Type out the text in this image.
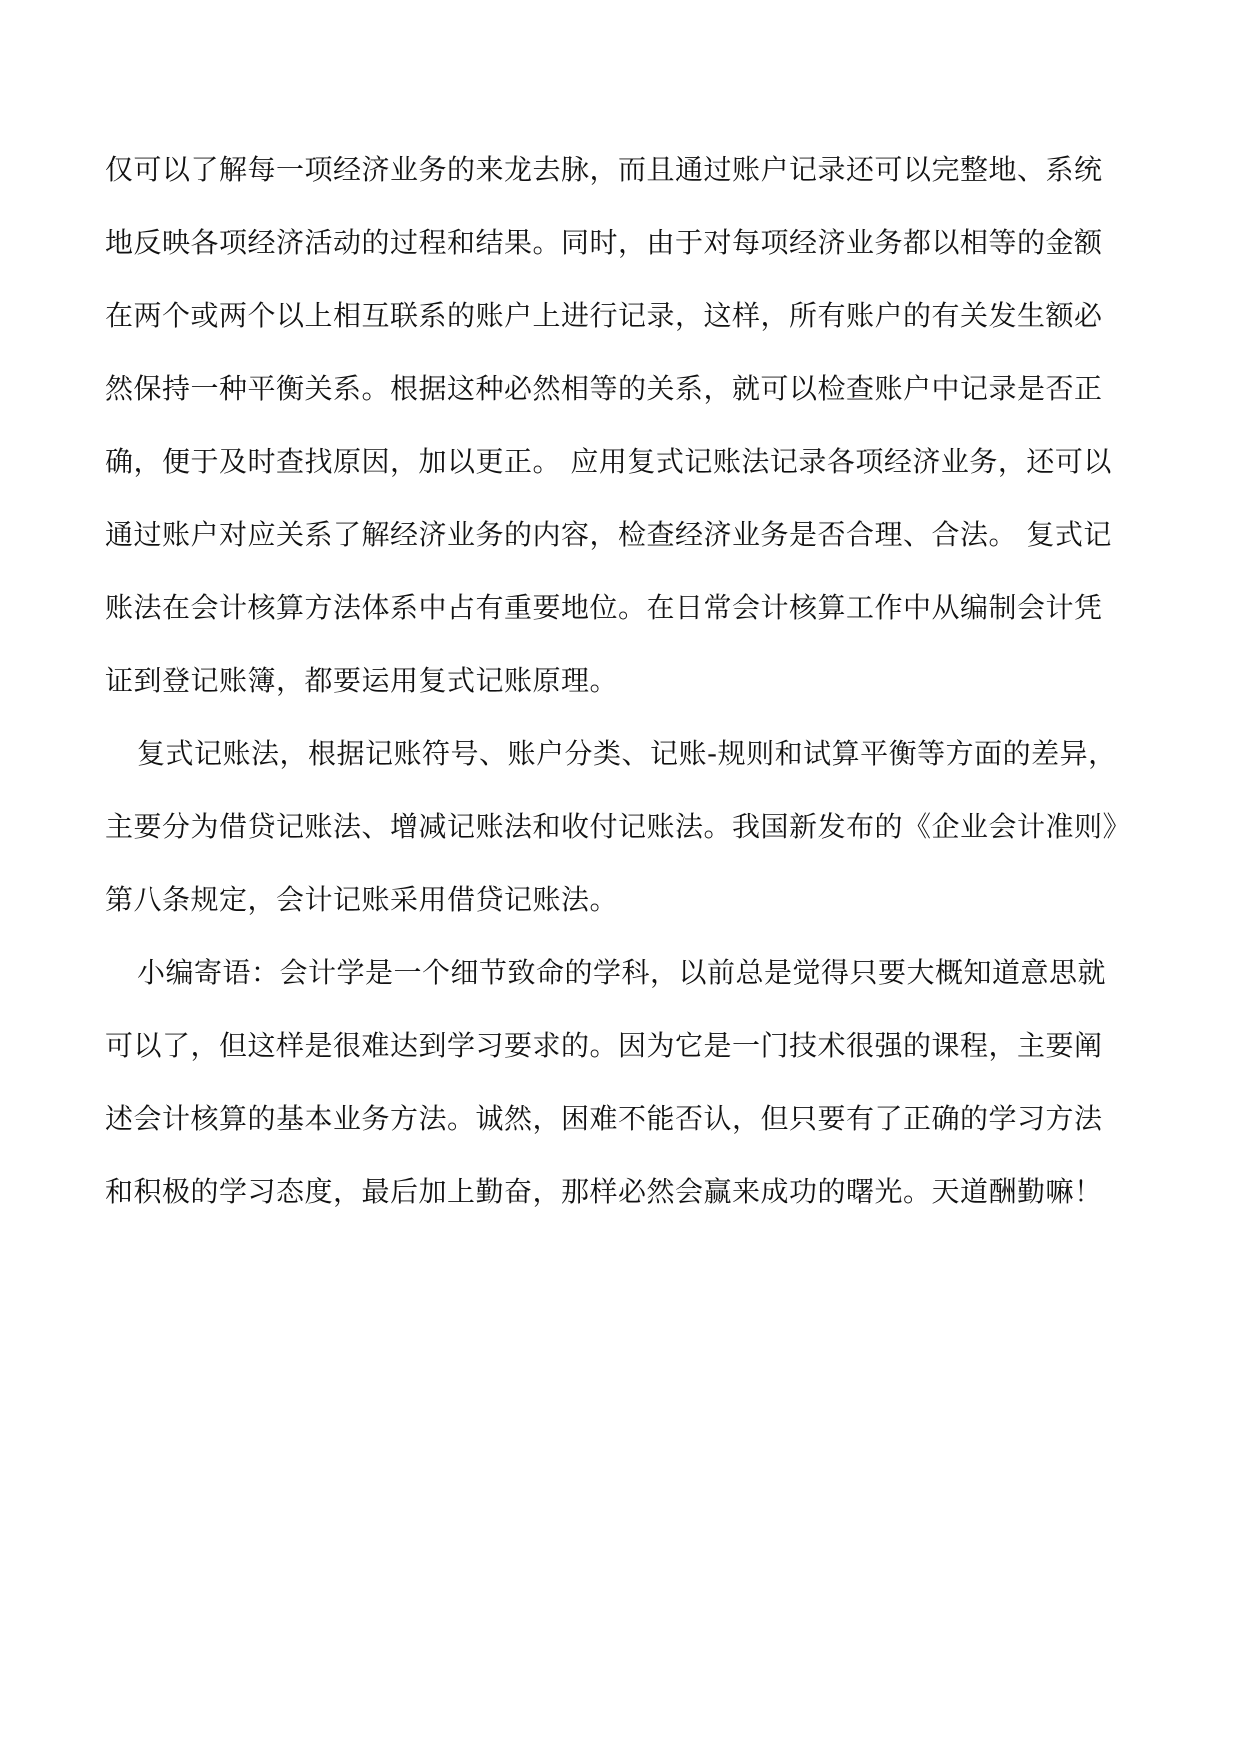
仅可以了解每一项经济业务的来龙去脉，而且通过账户记录还可以完整地、系统
地反映各项经济活动的过程和结果。同时，由于对每项经济业务都以相等的金额
在两个或两个以上相互联系的账户上进行记录，这样，所有账户的有关发生额必
然保持一种平衡关系。根据这种必然相等的关系，就可以检查账户中记录是否正
确，便于及时查找原因，加以更正。 应用复式记账法记录各项经济业务，还可以
通过账户对应关系了解经济业务的内容，检查经济业务是否合理、合法。 复式记
账法在会计核算方法体系中占有重要地位。在日常会计核算工作中从编制会计凭
证到登记账簿，都要运用复式记账原理。
复式记账法，根据记账符号、账户分类、记账-规则和试算平衡等方面的差异，
主要分为借贷记账法、增减记账法和收付记账法。我国新发布的《企业会计准则》
第八条规定，会计记账采用借贷记账法。
小编寄语：会计学是一个细节致命的学科，以前总是觉得只要大概知道意思就
可以了，但这样是很难达到学习要求的。因为它是一门技术很强的课程，主要阐
述会计核算的基本业务方法。诚然，困难不能否认，但只要有了正确的学习方法
和积极的学习态度，最后加上勤奋，那样必然会赢来成功的曙光。天道酬勤嘛！
